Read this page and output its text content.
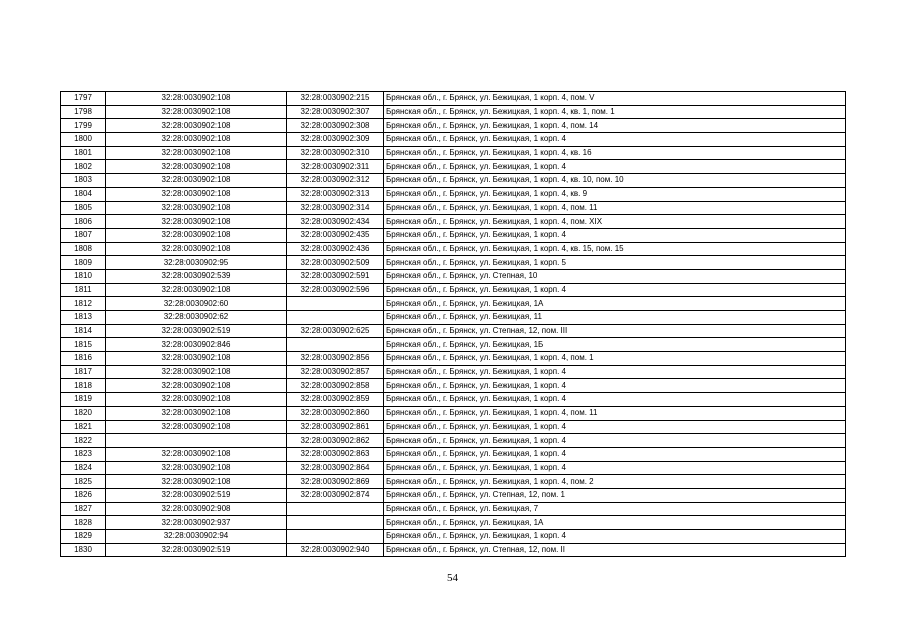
1797	32:28:0030902:108	32:28:0030902:215	Брянская обл., г. Брянск, ул. Бежицкая, 1 корп. 4, пом. V
1798	32:28:0030902:108	32:28:0030902:307	Брянская обл., г. Брянск, ул. Бежицкая, 1 корп. 4, кв. 1, пом. 1
1799	32:28:0030902:108	32:28:0030902:308	Брянская обл., г. Брянск, ул. Бежицкая, 1 корп. 4, пом. 14
1800	32:28:0030902:108	32:28:0030902:309	Брянская обл., г. Брянск, ул. Бежицкая, 1 корп. 4
1801	32:28:0030902:108	32:28:0030902:310	Брянская обл., г. Брянск, ул. Бежицкая, 1 корп. 4, кв. 16
1802	32:28:0030902:108	32:28:0030902:311	Брянская обл., г. Брянск, ул. Бежицкая, 1 корп. 4
1803	32:28:0030902:108	32:28:0030902:312	Брянская обл., г. Брянск, ул. Бежицкая, 1 корп. 4, кв. 10, пом. 10
1804	32:28:0030902:108	32:28:0030902:313	Брянская обл., г. Брянск, ул. Бежицкая, 1 корп. 4, кв. 9
1805	32:28:0030902:108	32:28:0030902:314	Брянская обл., г. Брянск, ул. Бежицкая, 1 корп. 4, пом. 11
1806	32:28:0030902:108	32:28:0030902:434	Брянская обл., г. Брянск, ул. Бежицкая, 1 корп. 4, пом. XIX
1807	32:28:0030902:108	32:28:0030902:435	Брянская обл., г. Брянск, ул. Бежицкая, 1 корп. 4
1808	32:28:0030902:108	32:28:0030902:436	Брянская обл., г. Брянск, ул. Бежицкая, 1 корп. 4, кв. 15, пом. 15
1809	32:28:0030902:95	32:28:0030902:509	Брянская обл., г. Брянск, ул. Бежицкая, 1 корп. 5
1810	32:28:0030902:539	32:28:0030902:591	Брянская обл., г. Брянск, ул. Степная, 10
1811	32:28:0030902:108	32:28:0030902:596	Брянская обл., г. Брянск, ул. Бежицкая, 1 корп. 4
1812	32:28:0030902:60		Брянская обл., г. Брянск, ул. Бежицкая, 1А
1813	32:28:0030902:62		Брянская обл., г. Брянск, ул. Бежицкая, 11
1814	32:28:0030902:519	32:28:0030902:625	Брянская обл., г. Брянск, ул. Степная, 12, пом. III
1815	32:28:0030902:846		Брянская обл., г. Брянск, ул. Бежицкая, 1Б
1816	32:28:0030902:108	32:28:0030902:856	Брянская обл., г. Брянск, ул. Бежицкая, 1 корп. 4, пом. 1
1817	32:28:0030902:108	32:28:0030902:857	Брянская обл., г. Брянск, ул. Бежицкая, 1 корп. 4
1818	32:28:0030902:108	32:28:0030902:858	Брянская обл., г. Брянск, ул. Бежицкая, 1 корп. 4
1819	32:28:0030902:108	32:28:0030902:859	Брянская обл., г. Брянск, ул. Бежицкая, 1 корп. 4
1820	32:28:0030902:108	32:28:0030902:860	Брянская обл., г. Брянск, ул. Бежицкая, 1 корп. 4, пом. 11
1821	32:28:0030902:108	32:28:0030902:861	Брянская обл., г. Брянск, ул. Бежицкая, 1 корп. 4
1822		32:28:0030902:862	Брянская обл., г. Брянск, ул. Бежицкая, 1 корп. 4
1823	32:28:0030902:108	32:28:0030902:863	Брянская обл., г. Брянск, ул. Бежицкая, 1 корп. 4
1824	32:28:0030902:108	32:28:0030902:864	Брянская обл., г. Брянск, ул. Бежицкая, 1 корп. 4
1825	32:28:0030902:108	32:28:0030902:869	Брянская обл., г. Брянск, ул. Бежицкая, 1 корп. 4, пом. 2
1826	32:28:0030902:519	32:28:0030902:874	Брянская обл., г. Брянск, ул. Степная, 12, пом. 1
1827	32:28:0030902:908		Брянская обл., г. Брянск, ул. Бежицкая, 7
1828	32:28:0030902:937		Брянская обл., г. Брянск, ул. Бежицкая, 1А
1829	32:28:0030902:94		Брянская обл., г. Брянск, ул. Бежицкая, 1 корп. 4
1830	32:28:0030902:519	32:28:0030902:940	Брянская обл., г. Брянск, ул. Степная, 12, пом. II
54
